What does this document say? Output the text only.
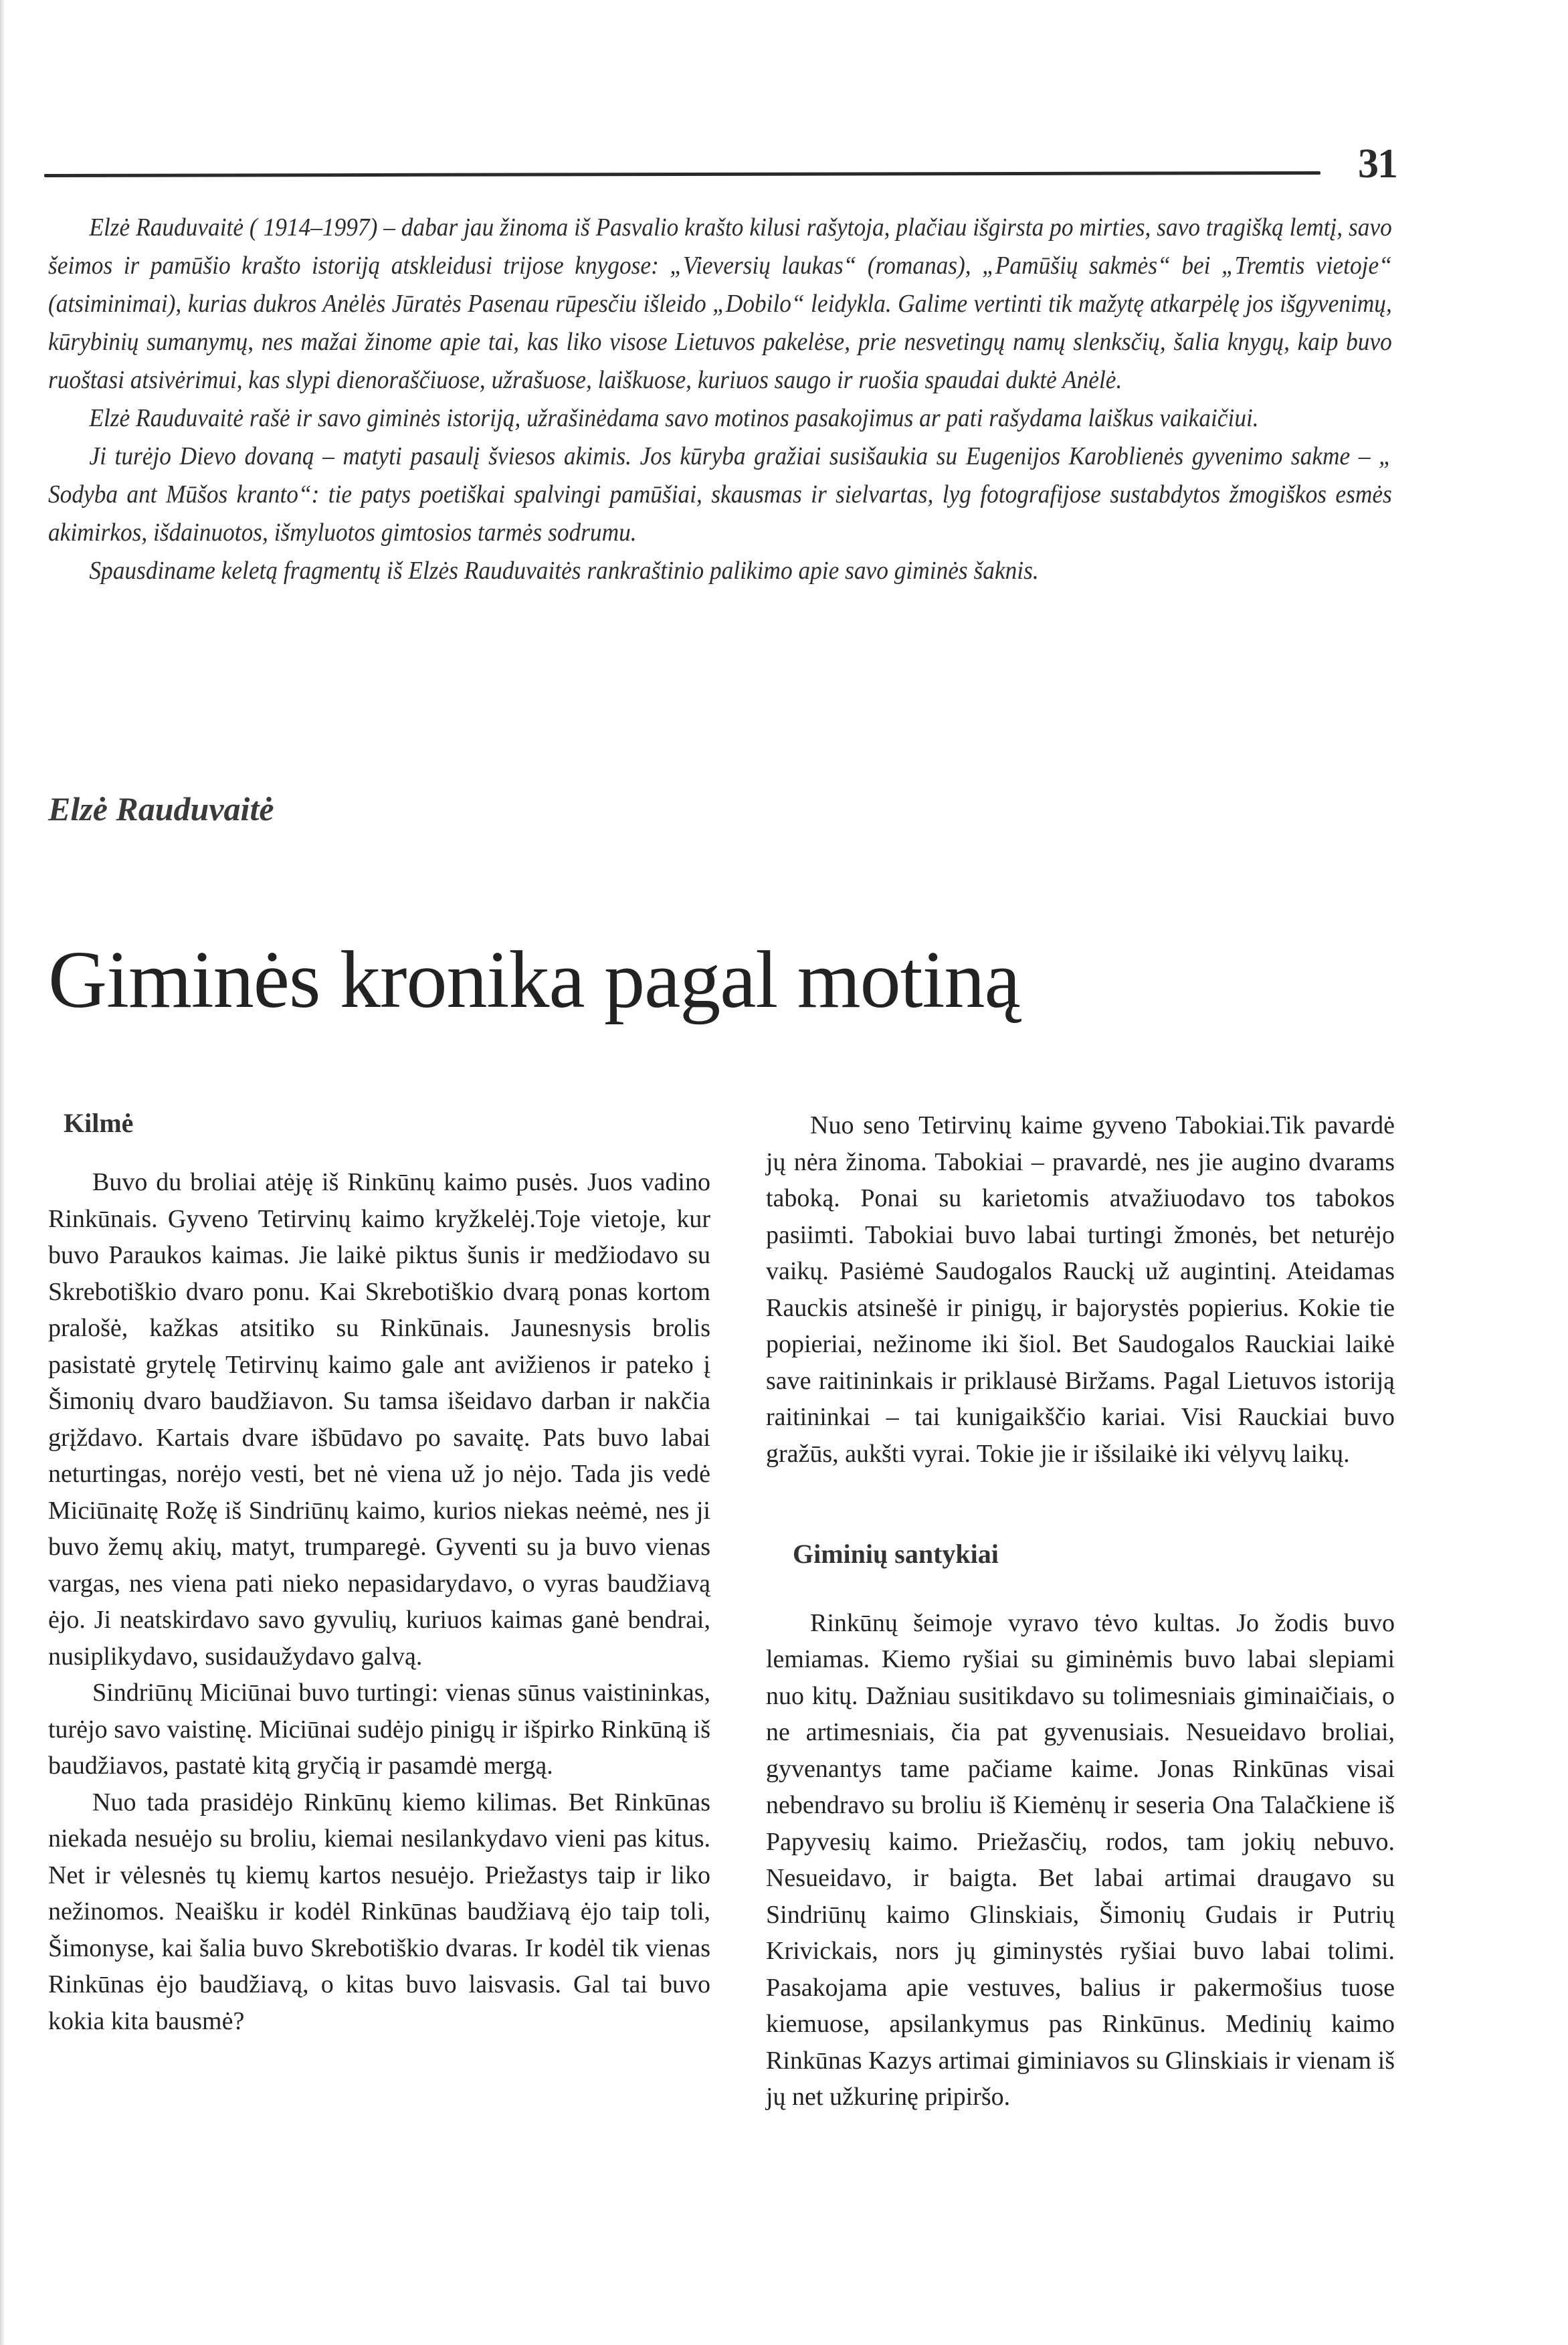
31

Elzė Rauduvaitė ( 1914–1997) – dabar jau žinoma iš Pasvalio krašto kilusi rašytoja, plačiau išgirsta po mirties, savo tragišką lemtį, savo šeimos ir pamūšio krašto istoriją atskleidusi trijose knygose: „Vieversių laukas“ (romanas), „Pamūšių sakmės“ bei „Tremtis vietoje“ (atsiminimai), kurias dukros Anėlės Jūratės Pasenau rūpesčiu išleido „Dobilo“ leidykla. Galime vertinti tik mažytę atkarpėlę jos išgyvenimų, kūrybinių sumanymų, nes mažai žinome apie tai, kas liko visose Lietuvos pakelėse, prie nesvetingų namų slenksčių, šalia knygų, kaip buvo ruoštasi atsivėrimui, kas slypi dienoraščiuose, užrašuose, laiškuose, kuriuos saugo ir ruošia spaudai duktė Anėlė.

Elzė Rauduvaitė rašė ir savo giminės istoriją, užrašinėdama savo motinos pasakojimus ar pati rašydama laiškus vaikaičiui.

Ji turėjo Dievo dovaną – matyti pasaulį šviesos akimis. Jos kūryba gražiai susišaukia su Eugenijos Karoblienės gyvenimo sakme – „ Sodyba ant Mūšos kranto“: tie patys poetiškai spalvingi pamūšiai, skausmas ir sielvartas, lyg fotografijose sustabdytos žmogiškos esmės akimirkos, išdainuotos, išmyluotos gimtosios tarmės sodrumu.

Spausdiname keletą fragmentų iš Elzės Rauduvaitės rankraštinio palikimo apie savo giminės šaknis.

Elzė Rauduvaitė
Giminės kronika pagal motiną
Kilmė

Buvo du broliai atėję iš Rinkūnų kaimo pusės. Juos vadino Rinkūnais. Gyveno Tetirvinų kaimo kryžkelėj.Toje vietoje, kur buvo Paraukos kaimas. Jie laikė piktus šunis ir medžiodavo su Skrebotiškio dvaro ponu. Kai Skrebotiškio dvarą ponas kortom pralošė, kažkas atsitiko su Rinkūnais. Jaunesnysis brolis pasistatė grytelę Tetirvinų kaimo gale ant avižienos ir pateko į Šimonių dvaro baudžiavon. Su tamsa išeidavo darban ir nakčia grįždavo. Kartais dvare išbūdavo po savaitę. Pats buvo labai neturtingas, norėjo vesti, bet nė viena už jo nėjo. Tada jis vedė Miciūnaitę Rožę iš Sindriūnų kaimo, kurios niekas neėmė, nes ji buvo žemų akių, matyt, trumparegė. Gyventi su ja buvo vienas vargas, nes viena pati nieko nepasidarydavo, o vyras baudžiavą ėjo. Ji neatskirdavo savo gyvulių, kuriuos kaimas ganė bendrai, nusiplikydavo, susidaužydavo galvą.

Sindriūnų Miciūnai buvo turtingi: vienas sūnus vaistininkas, turėjo savo vaistinę. Miciūnai sudėjo pinigų ir išpirko Rinkūną iš baudžiavos, pastatė kitą gryčią ir pasamdė mergą.

Nuo tada prasidėjo Rinkūnų kiemo kilimas. Bet Rinkūnas niekada nesuėjo su broliu, kiemai nesilankydavo vieni pas kitus. Net ir vėlesnės tų kiemų kartos nesuėjo. Priežastys taip ir liko nežinomos. Neaišku ir kodėl Rinkūnas baudžiavą ėjo taip toli, Šimonyse, kai šalia buvo Skrebotiškio dvaras. Ir kodėl tik vienas Rinkūnas ėjo baudžiavą, o kitas buvo laisvasis. Gal tai buvo kokia kita bausmė?

Nuo seno Tetirvinų kaime gyveno Tabokiai.Tik pavardė jų nėra žinoma. Tabokiai – pravardė, nes jie augino dvarams taboką. Ponai su karietomis atvažiuodavo tos tabokos pasiimti. Tabokiai buvo labai turtingi žmonės, bet neturėjo vaikų. Pasiėmė Saudogalos Rauckį už augintinį. Ateidamas Rauckis atsinešė ir pinigų, ir bajorystės popierius. Kokie tie popieriai, nežinome iki šiol. Bet Saudogalos Rauckiai laikė save raitininkais ir priklausė Biržams. Pagal Lietuvos istoriją raitininkai – tai kunigaikščio kariai. Visi Rauckiai buvo gražūs, aukšti vyrai. Tokie jie ir išsilaikė iki vėlyvų laikų.

Giminių santykiai

Rinkūnų šeimoje vyravo tėvo kultas. Jo žodis buvo lemiamas. Kiemo ryšiai su giminėmis buvo labai slepiami nuo kitų. Dažniau susitikdavo su tolimesniais giminaičiais, o ne artimesniais, čia pat gyvenusiais. Nesueidavo broliai, gyvenantys tame pačiame kaime. Jonas Rinkūnas visai nebendravo su broliu iš Kiemėnų ir seseria Ona Talačkiene iš Papyvesių kaimo. Priežasčių, rodos, tam jokių nebuvo. Nesueidavo, ir baigta. Bet labai artimai draugavo su Sindriūnų kaimo Glinskiais, Šimonių Gudais ir Putrių Krivickais, nors jų giminystės ryšiai buvo labai tolimi. Pasakojama apie vestuves, balius ir pakermošius tuose kiemuose, apsilankymus pas Rinkūnus. Medinių kaimo Rinkūnas Kazys artimai giminiavos su Glinskiais ir vienam iš jų net užkurinę pripiršo.
